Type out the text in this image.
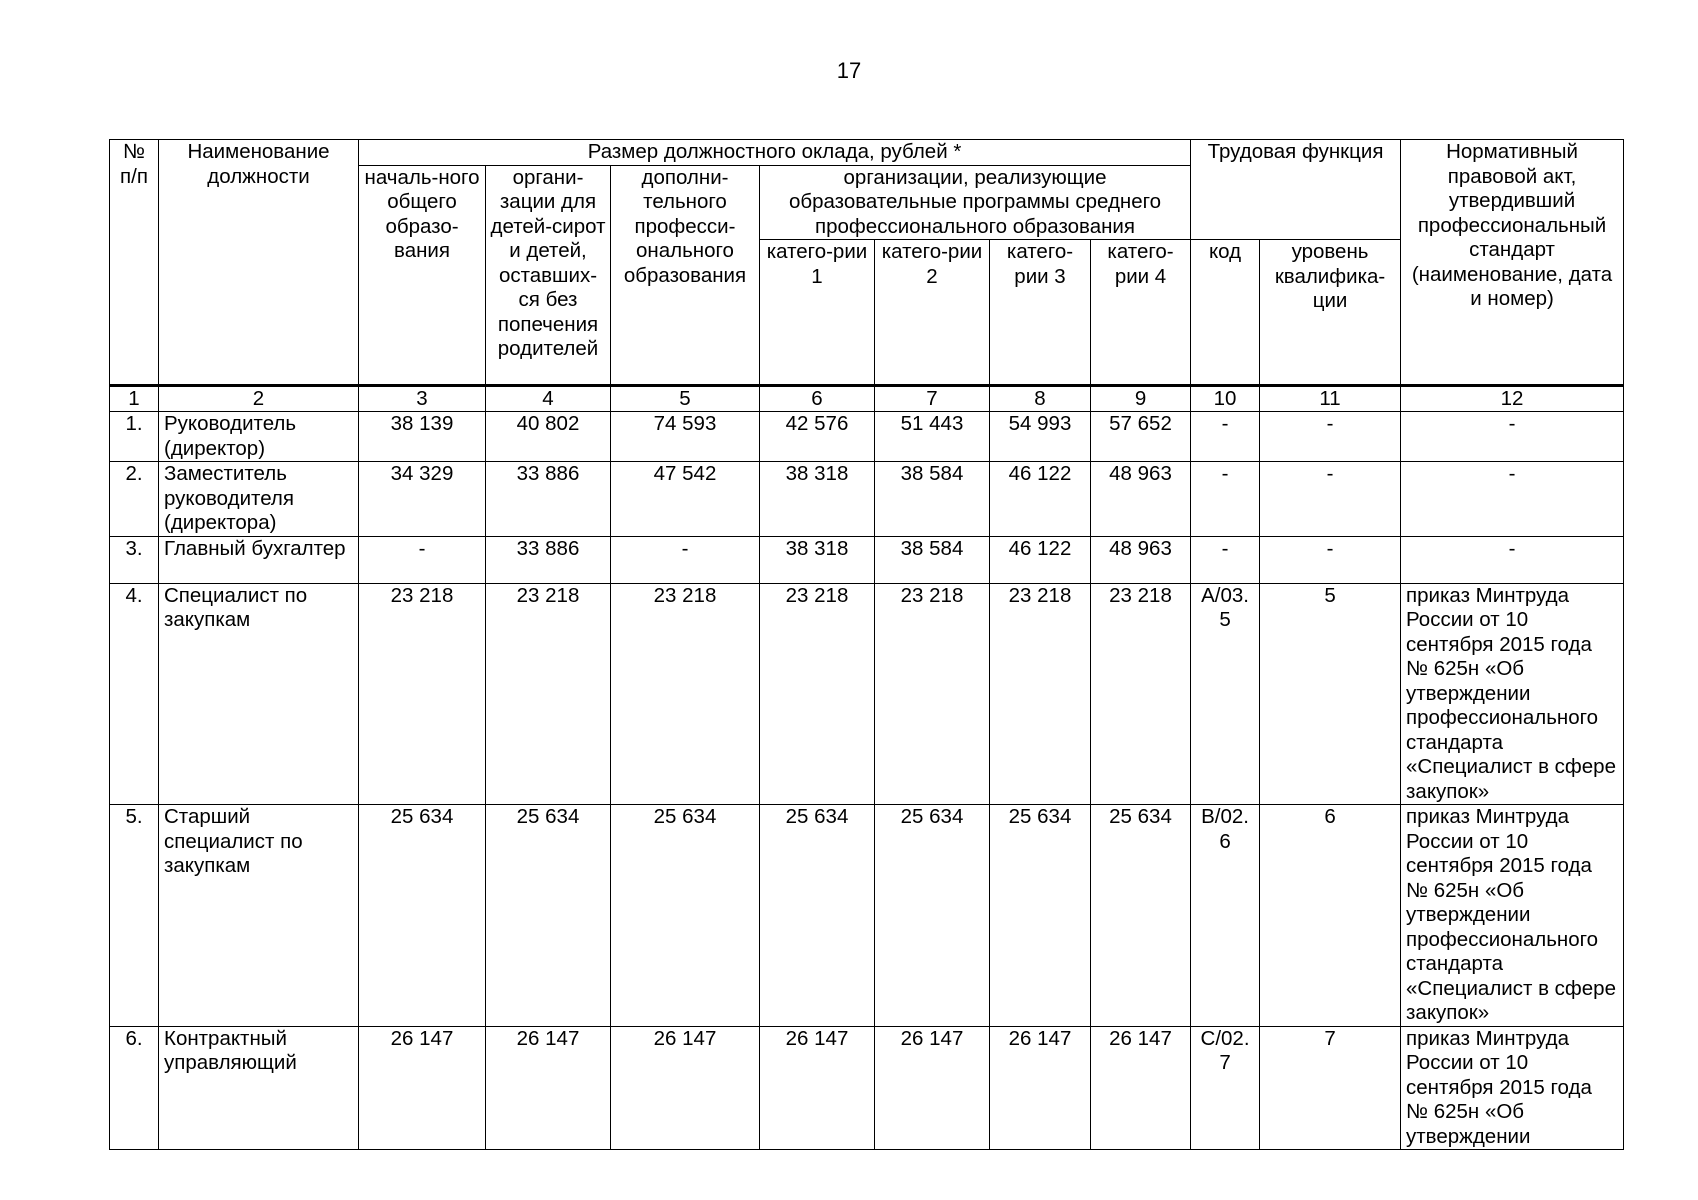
17
№ п/п	Наименование должности	Размер должностного оклада, рублей *							Трудовая функция		Нормативный правовой акт, утвердивший профессиональный стандарт (наименование, дата и номер)
		началь-ного общего образо-вания	органи-зации для детей-сирот и детей, оставших-ся без попечения родителей	дополни-тельного професси-онального образования	организации, реализующие образовательные программы среднего профессионального образования						
					катего-рии 1	катего-рии 2	катего-рии 3	катего-рии 4	код	уровень квалифика-ции	
1	2	3	4	5	6	7	8	9	10	11	12
1.	Руководитель (директор)	38 139	40 802	74 593	42 576	51 443	54 993	57 652	-	-	-
2.	Заместитель руководителя (директора)	34 329	33 886	47 542	38 318	38 584	46 122	48 963	-	-	-
3.	Главный бухгалтер	-	33 886	-	38 318	38 584	46 122	48 963	-	-	-
4.	Специалист по закупкам	23 218	23 218	23 218	23 218	23 218	23 218	23 218	A/03. 5	5	приказ Минтруда России от 10 сентября 2015 года № 625н «Об утверждении профессионального стандарта «Специалист в сфере закупок»
5.	Старший специалист по закупкам	25 634	25 634	25 634	25 634	25 634	25 634	25 634	B/02. 6	6	приказ Минтруда России от 10 сентября 2015 года № 625н «Об утверждении профессионального стандарта «Специалист в сфере закупок»
6.	Контрактный управляющий	26 147	26 147	26 147	26 147	26 147	26 147	26 147	C/02. 7	7	приказ Минтруда России от 10 сентября 2015 года № 625н «Об утверждении
